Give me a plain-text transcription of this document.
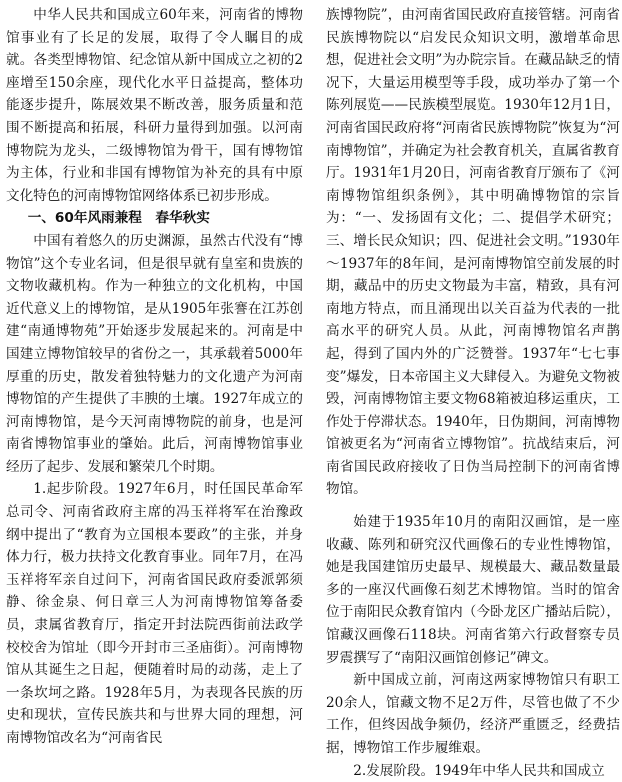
中华人民共和国成立60年来，河南省的博物馆事业有了长足的发展，取得了令人瞩目的成就。各类型博物馆、纪念馆从新中国成立之初的2座增至150余座，现代化水平日益提高，整体功能逐步提升，陈展效果不断改善，服务质量和范围不断提高和拓展，科研力量得到加强。以河南博物院为龙头，二级博物馆为骨干，国有博物馆为主体，行业和非国有博物馆为补充的具有中原文化特色的河南博物馆网络体系已初步形成。

一、60年风雨兼程　春华秋实

中国有着悠久的历史渊源，虽然古代没有“博物馆”这个专业名词，但是很早就有皇室和贵族的文物收藏机构。作为一种独立的文化机构，中国近代意义上的博物馆，是从1905年张謇在江苏创建“南通博物苑”开始逐步发展起来的。河南是中国建立博物馆较早的省份之一，其承载着5000年厚重的历史，散发着独特魅力的文化遗产为河南博物馆的产生提供了丰腴的土壤。1927年成立的河南博物馆，是今天河南博物院的前身，也是河南省博物馆事业的肇始。此后，河南博物馆事业经历了起步、发展和繁荣几个时期。

1.起步阶段。1927年6月，时任国民革命军总司令、河南省政府主席的冯玉祥将军在治豫政纲中提出了“教育为立国根本要政”的主张，并身体力行，极力扶持文化教育事业。同年7月，在冯玉祥将军亲自过问下，河南省国民政府委派郭须静、徐金泉、何日章三人为河南博物馆筹备委员，隶属省教育厅，指定开封法院西街前法政学校校舍为馆址（即今开封市三圣庙街）。河南博物馆从其诞生之日起，便随着时局的动荡，走上了一条坎坷之路。1928年5月，为表现各民族的历史和现状，宣传民族共和与世界大同的理想，河南博物馆改名为“河南省民

族博物院”，由河南省国民政府直接管辖。河南省民族博物院以“启发民众知识文明，激增革命思想，促进社会文明”为办院宗旨。在藏品缺乏的情况下，大量运用模型等手段，成功举办了第一个陈列展览——民族模型展览。1930年12月1日，河南省国民政府将“河南省民族博物院”恢复为“河南博物馆”，并确定为社会教育机关，直属省教育厅。1931年1月20日，河南省教育厅颁布了《河南博物馆组织条例》，其中明确博物馆的宗旨为：“一、发扬固有文化；二、提倡学术研究；三、增长民众知识；四、促进社会文明。”1930年～1937年的8年间，是河南博物馆空前发展的时期，藏品中的历史文物最为丰富，精致，具有河南地方特点，而且涌现出以关百益为代表的一批高水平的研究人员。从此，河南博物馆名声鹊起，得到了国内外的广泛赞誉。1937年“七七事变”爆发，日本帝国主义大肆侵入。为避免文物被毁，河南博物馆主要文物68箱被迫移运重庆，工作处于停滞状态。1940年，日伪期间，河南博物馆被更名为“河南省立博物馆”。抗战结束后，河南省国民政府接收了日伪当局控制下的河南省博物馆。

始建于1935年10月的南阳汉画馆，是一座收藏、陈列和研究汉代画像石的专业性博物馆，她是我国建馆历史最早、规模最大、藏品数量最多的一座汉代画像石刻艺术博物馆。当时的馆舍位于南阳民众教育馆内（今卧龙区广播站后院），馆藏汉画像石118块。河南省第六行政督察专员罗震撰写了“南阳汉画馆创修记”碑文。

新中国成立前，河南这两家博物馆只有职工20余人，馆藏文物不足2万件，尽管也做了不少工作，但终因战争频仍，经济严重匮乏，经费拮据，博物馆工作步履维艰。

2.发展阶段。1949年中华人民共和国成立
